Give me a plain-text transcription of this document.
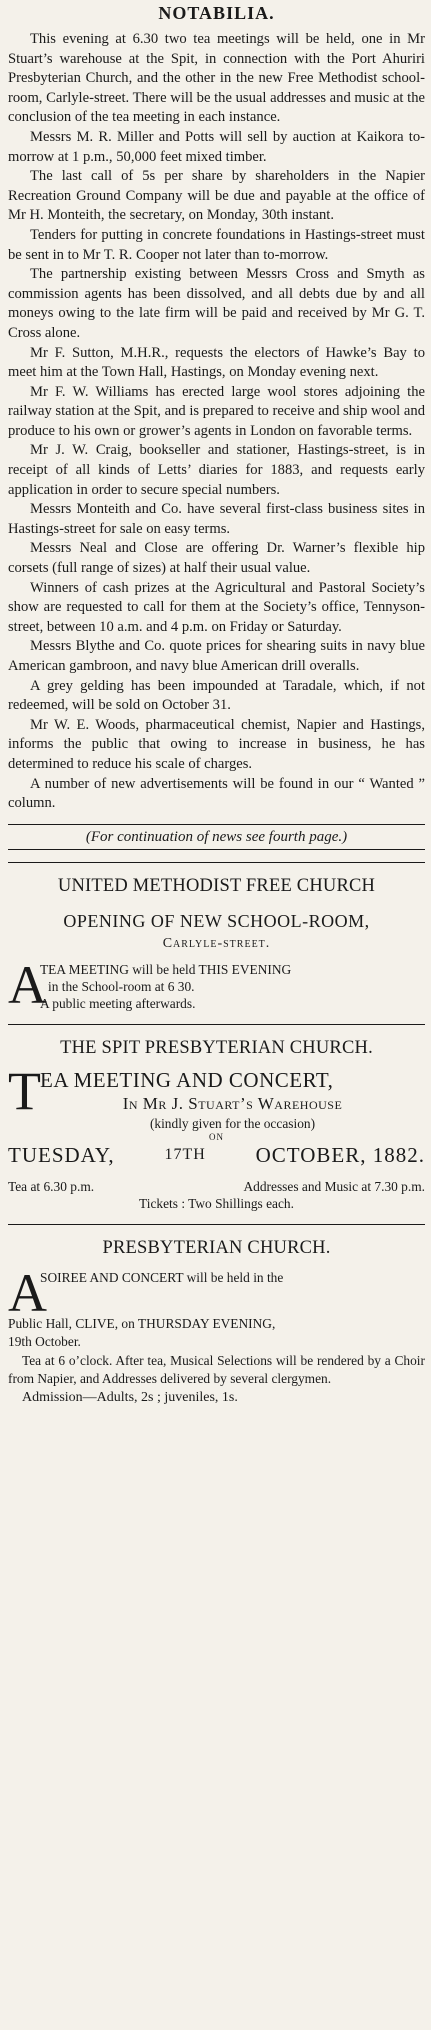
NOTABILIA.

This evening at 6.30 two tea meetings will be held, one in Mr Stuart’s warehouse at the Spit, in connection with the Port Ahuriri Presbyterian Church, and the other in the new Free Methodist school-room, Carlyle-street. There will be the usual addresses and music at the conclusion of the tea meeting in each instance.

Messrs M. R. Miller and Potts will sell by auction at Kaikora to-morrow at 1 p.m., 50,000 feet mixed timber.

The last call of 5s per share by shareholders in the Napier Recreation Ground Company will be due and payable at the office of Mr H. Monteith, the secretary, on Monday, 30th instant.

Tenders for putting in concrete foundations in Hastings-street must be sent in to Mr T. R. Cooper not later than to-morrow.

The partnership existing between Messrs Cross and Smyth as commission agents has been dissolved, and all debts due by and all moneys owing to the late firm will be paid and received by Mr G. T. Cross alone.

Mr F. Sutton, M.H.R., requests the electors of Hawke’s Bay to meet him at the Town Hall, Hastings, on Monday evening next.

Mr F. W. Williams has erected large wool stores adjoining the railway station at the Spit, and is prepared to receive and ship wool and produce to his own or grower’s agents in London on favorable terms.

Mr J. W. Craig, bookseller and stationer, Hastings-street, is in receipt of all kinds of Letts’ diaries for 1883, and requests early application in order to secure special numbers.

Messrs Monteith and Co. have several first-class business sites in Hastings-street for sale on easy terms.

Messrs Neal and Close are offering Dr. Warner’s flexible hip corsets (full range of sizes) at half their usual value.

Winners of cash prizes at the Agricultural and Pastoral Society’s show are requested to call for them at the Society’s office, Tennyson-street, between 10 a.m. and 4 p.m. on Friday or Saturday.

Messrs Blythe and Co. quote prices for shearing suits in navy blue American gambroon, and navy blue American drill overalls.

A grey gelding has been impounded at Taradale, which, if not redeemed, will be sold on October 31.

Mr W. E. Woods, pharmaceutical chemist, Napier and Hastings, informs the public that owing to increase in business, he has determined to reduce his scale of charges.

A number of new advertisements will be found in our “ Wanted ” column.

(For continuation of news see fourth page.)
UNITED METHODIST FREE CHURCH
OPENING OF NEW SCHOOL-ROOM,
Carlyle-street.
A

TEA MEETING will be held THIS EVENING

in the School-room at 6 30.

A public meeting afterwards.

THE SPIT PRESBYTERIAN CHURCH.
T EA MEETING AND CONCERT,
In Mr J. Stuart’s Warehouse
(kindly given for the occasion)
ON
TUESDAY,	17TH OCTOBER, 1882.
Tea at 6.30 p.m.	Addresses and Music at 7.30 p.m.
Tickets : Two Shillings each.
PRESBYTERIAN CHURCH.
A

SOIREE AND CONCERT will be held in the

Public Hall, CLIVE, on THURSDAY EVENING,

19th October.

Tea at 6 o’clock. After tea, Musical Selections will be rendered by a Choir from Napier, and Addresses delivered by several clergymen.

Admission—Adults, 2s ; juveniles, 1s.
